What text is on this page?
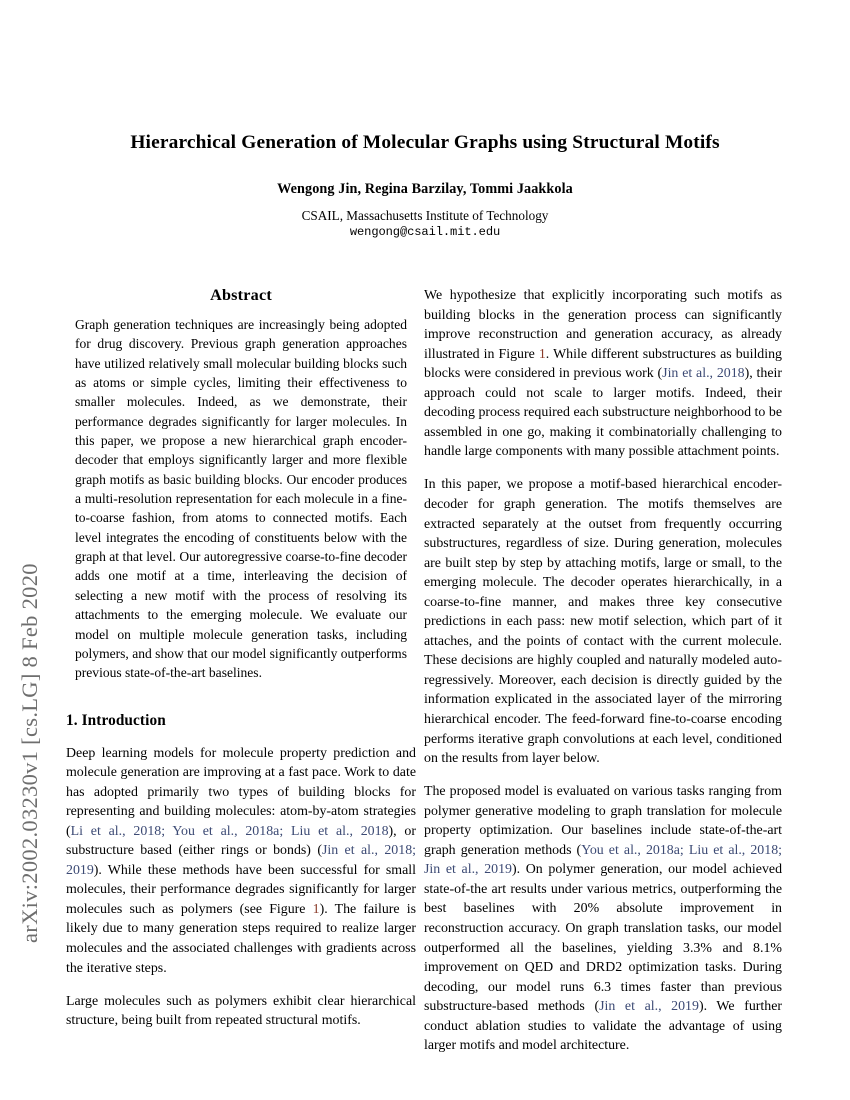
arXiv:2002.03230v1 [cs.LG] 8 Feb 2020
Hierarchical Generation of Molecular Graphs using Structural Motifs
Wengong Jin, Regina Barzilay, Tommi Jaakkola
CSAIL, Massachusetts Institute of Technology
wengong@csail.mit.edu
Abstract

Graph generation techniques are increasingly being adopted for drug discovery. Previous graph generation approaches have utilized relatively small molecular building blocks such as atoms or simple cycles, limiting their effectiveness to smaller molecules. Indeed, as we demonstrate, their performance degrades significantly for larger molecules. In this paper, we propose a new hierarchical graph encoder-decoder that employs significantly larger and more flexible graph motifs as basic building blocks. Our encoder produces a multi-resolution representation for each molecule in a fine-to-coarse fashion, from atoms to connected motifs. Each level integrates the encoding of constituents below with the graph at that level. Our autoregressive coarse-to-fine decoder adds one motif at a time, interleaving the decision of selecting a new motif with the process of resolving its attachments to the emerging molecule. We evaluate our model on multiple molecule generation tasks, including polymers, and show that our model significantly outperforms previous state-of-the-art baselines.

1. Introduction

Deep learning models for molecule property prediction and molecule generation are improving at a fast pace. Work to date has adopted primarily two types of building blocks for representing and building molecules: atom-by-atom strategies (Li et al., 2018; You et al., 2018a; Liu et al., 2018), or substructure based (either rings or bonds) (Jin et al., 2018; 2019). While these methods have been successful for small molecules, their performance degrades significantly for larger molecules such as polymers (see Figure 1). The failure is likely due to many generation steps required to realize larger molecules and the associated challenges with gradients across the iterative steps.

Large molecules such as polymers exhibit clear hierarchical structure, being built from repeated structural motifs.

We hypothesize that explicitly incorporating such motifs as building blocks in the generation process can significantly improve reconstruction and generation accuracy, as already illustrated in Figure 1. While different substructures as building blocks were considered in previous work (Jin et al., 2018), their approach could not scale to larger motifs. Indeed, their decoding process required each substructure neighborhood to be assembled in one go, making it combinatorially challenging to handle large components with many possible attachment points.

In this paper, we propose a motif-based hierarchical encoder-decoder for graph generation. The motifs themselves are extracted separately at the outset from frequently occurring substructures, regardless of size. During generation, molecules are built step by step by attaching motifs, large or small, to the emerging molecule. The decoder operates hierarchically, in a coarse-to-fine manner, and makes three key consecutive predictions in each pass: new motif selection, which part of it attaches, and the points of contact with the current molecule. These decisions are highly coupled and naturally modeled auto-regressively. Moreover, each decision is directly guided by the information explicated in the associated layer of the mirroring hierarchical encoder. The feed-forward fine-to-coarse encoding performs iterative graph convolutions at each level, conditioned on the results from layer below.

The proposed model is evaluated on various tasks ranging from polymer generative modeling to graph translation for molecule property optimization. Our baselines include state-of-the-art graph generation methods (You et al., 2018a; Liu et al., 2018; Jin et al., 2019). On polymer generation, our model achieved state-of-the art results under various metrics, outperforming the best baselines with 20% absolute improvement in reconstruction accuracy. On graph translation tasks, our model outperformed all the baselines, yielding 3.3% and 8.1% improvement on QED and DRD2 optimization tasks. During decoding, our model runs 6.3 times faster than previous substructure-based methods (Jin et al., 2019). We further conduct ablation studies to validate the advantage of using larger motifs and model architecture.
